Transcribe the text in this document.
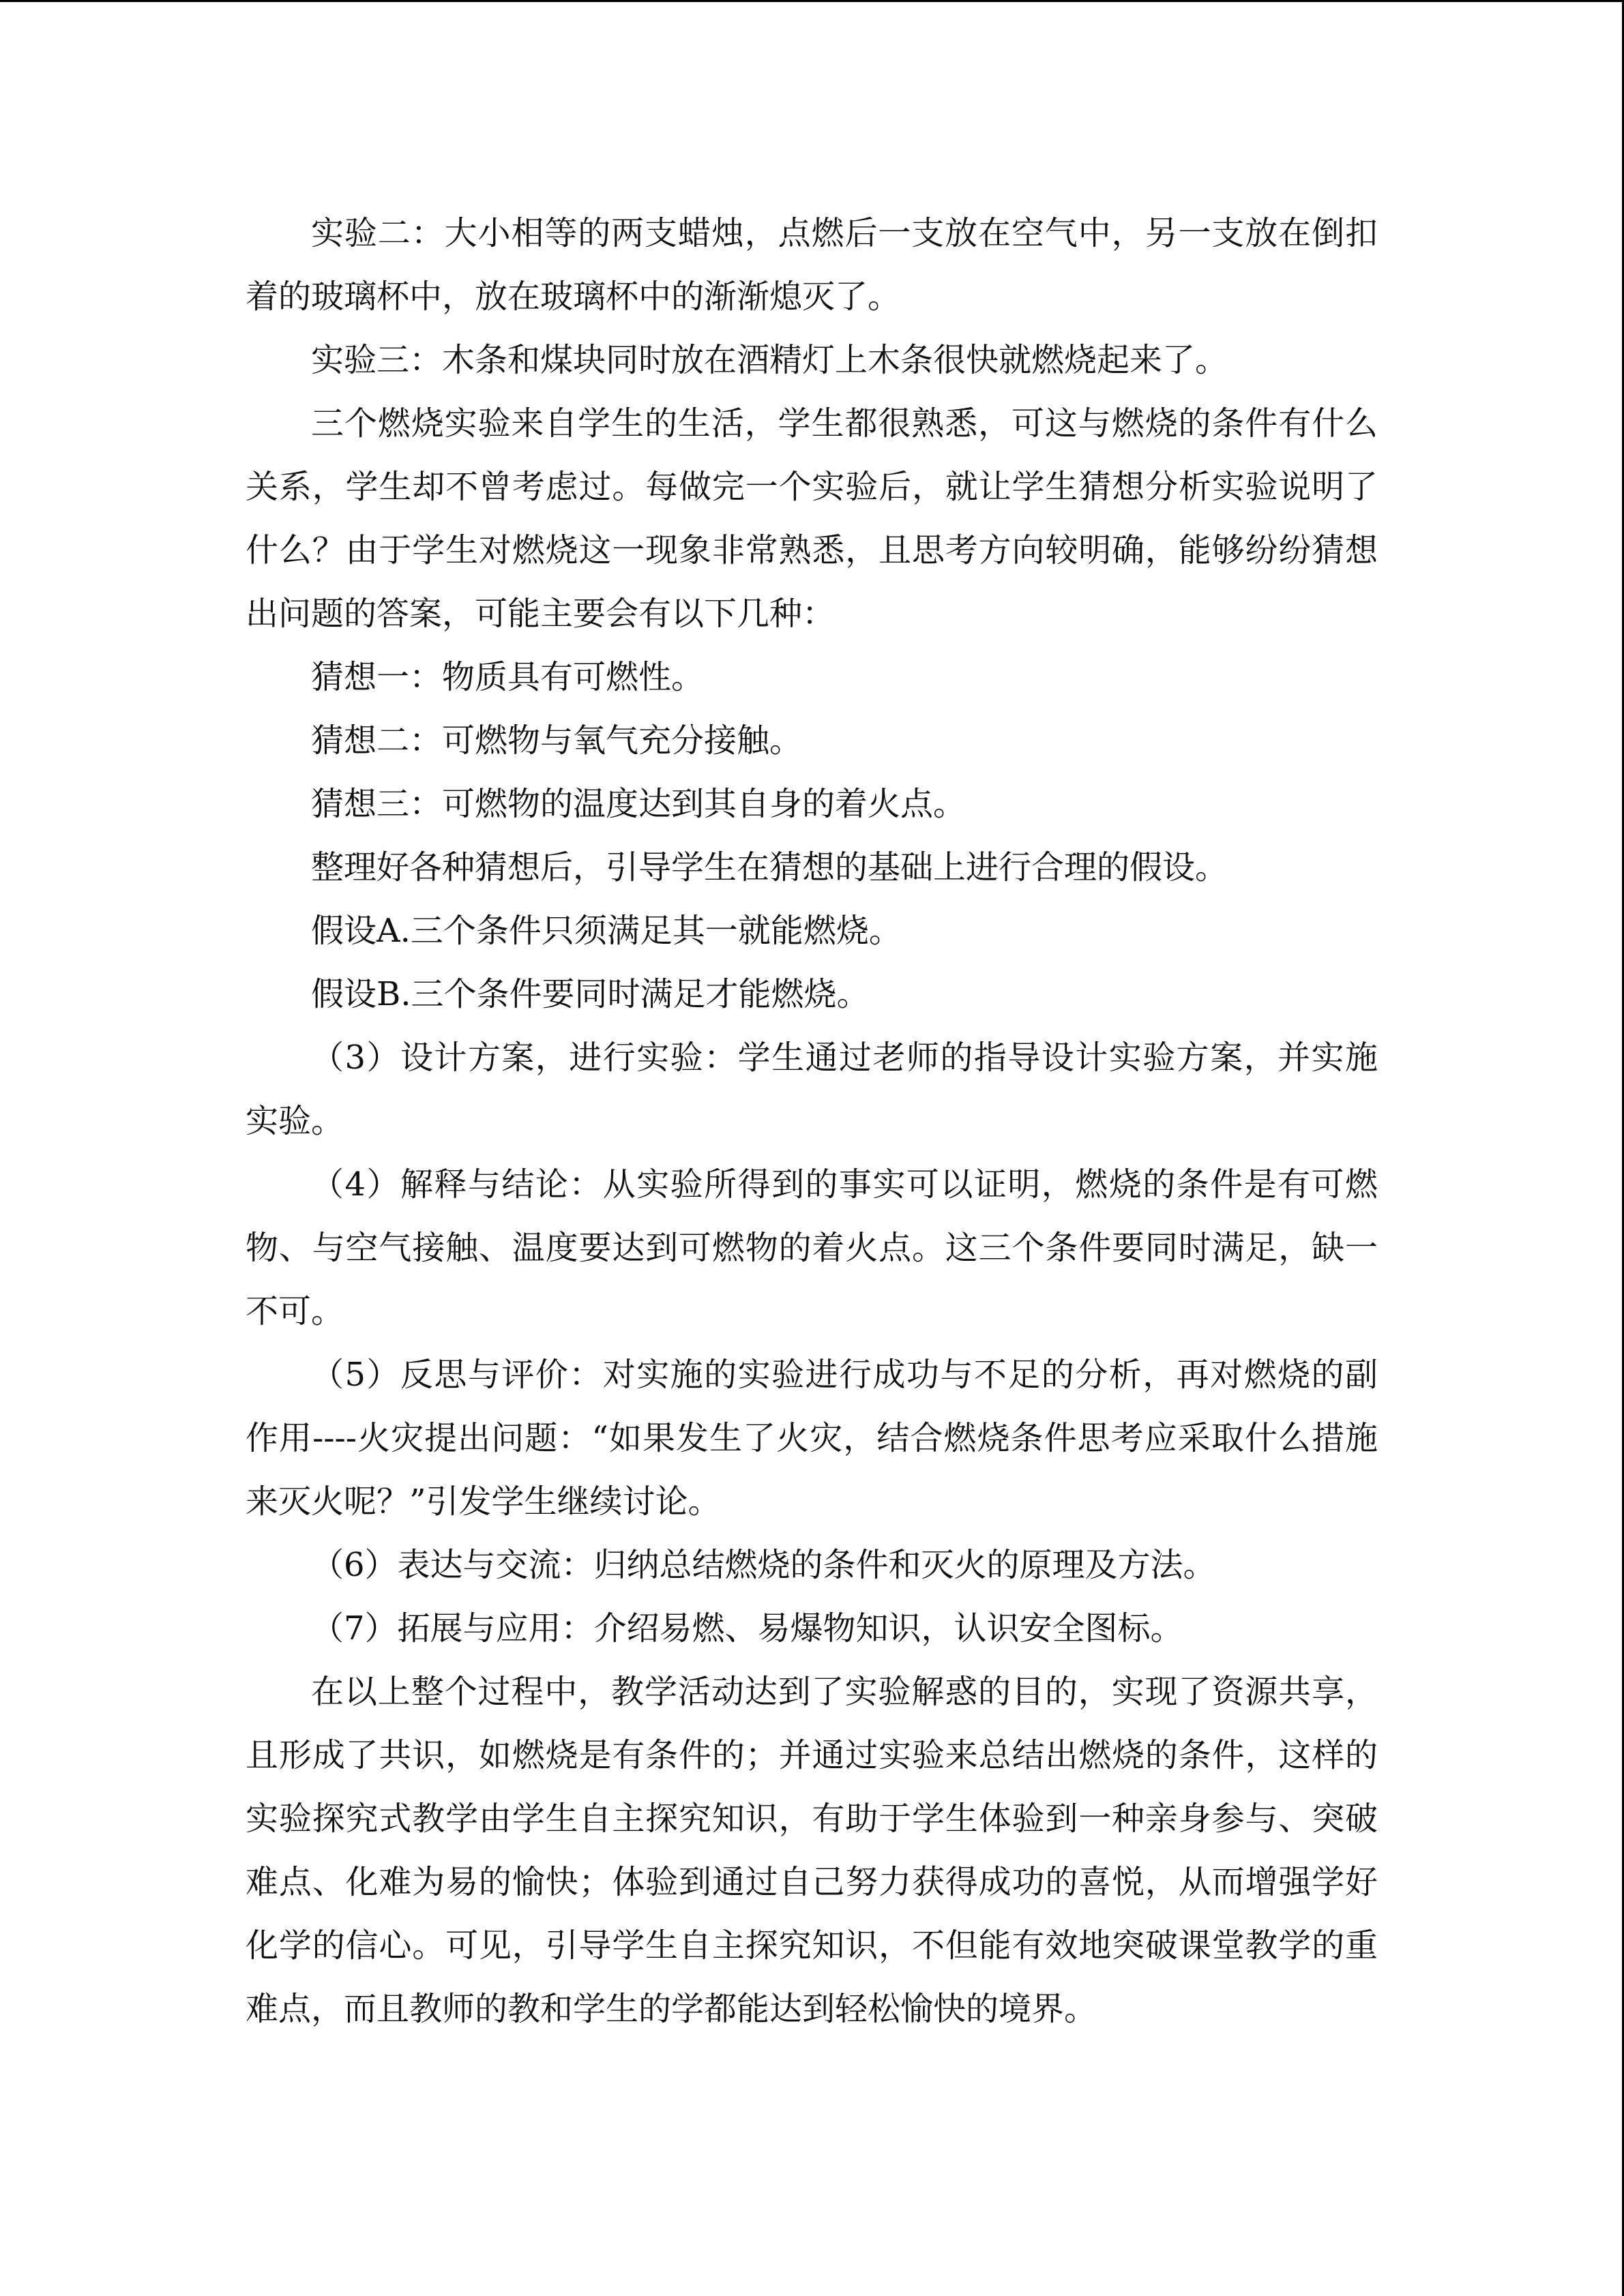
实验二：大小相等的两支蜡烛，点燃后一支放在空气中，另一支放在倒扣着的玻璃杯中，放在玻璃杯中的渐渐熄灭了。

实验三：木条和煤块同时放在酒精灯上木条很快就燃烧起来了。

三个燃烧实验来自学生的生活，学生都很熟悉，可这与燃烧的条件有什么关系，学生却不曾考虑过。每做完一个实验后，就让学生猜想分析实验说明了什么？由于学生对燃烧这一现象非常熟悉，且思考方向较明确，能够纷纷猜想出问题的答案，可能主要会有以下几种：

猜想一：物质具有可燃性。

猜想二：可燃物与氧气充分接触。

猜想三：可燃物的温度达到其自身的着火点。

整理好各种猜想后，引导学生在猜想的基础上进行合理的假设。

假设A.三个条件只须满足其一就能燃烧。

假设B.三个条件要同时满足才能燃烧。

（3）设计方案，进行实验：学生通过老师的指导设计实验方案，并实施实验。

（4）解释与结论：从实验所得到的事实可以证明，燃烧的条件是有可燃物、与空气接触、温度要达到可燃物的着火点。这三个条件要同时满足，缺一不可。

（5）反思与评价：对实施的实验进行成功与不足的分析，再对燃烧的副作用----火灾提出问题：“如果发生了火灾，结合燃烧条件思考应采取什么措施来灭火呢？”引发学生继续讨论。

（6）表达与交流：归纳总结燃烧的条件和灭火的原理及方法。

（7）拓展与应用：介绍易燃、易爆物知识，认识安全图标。

在以上整个过程中，教学活动达到了实验解惑的目的，实现了资源共享，且形成了共识，如燃烧是有条件的；并通过实验来总结出燃烧的条件，这样的实验探究式教学由学生自主探究知识，有助于学生体验到一种亲身参与、突破难点、化难为易的愉快；体验到通过自己努力获得成功的喜悦，从而增强学好化学的信心。可见，引导学生自主探究知识，不但能有效地突破课堂教学的重难点，而且教师的教和学生的学都能达到轻松愉快的境界。
